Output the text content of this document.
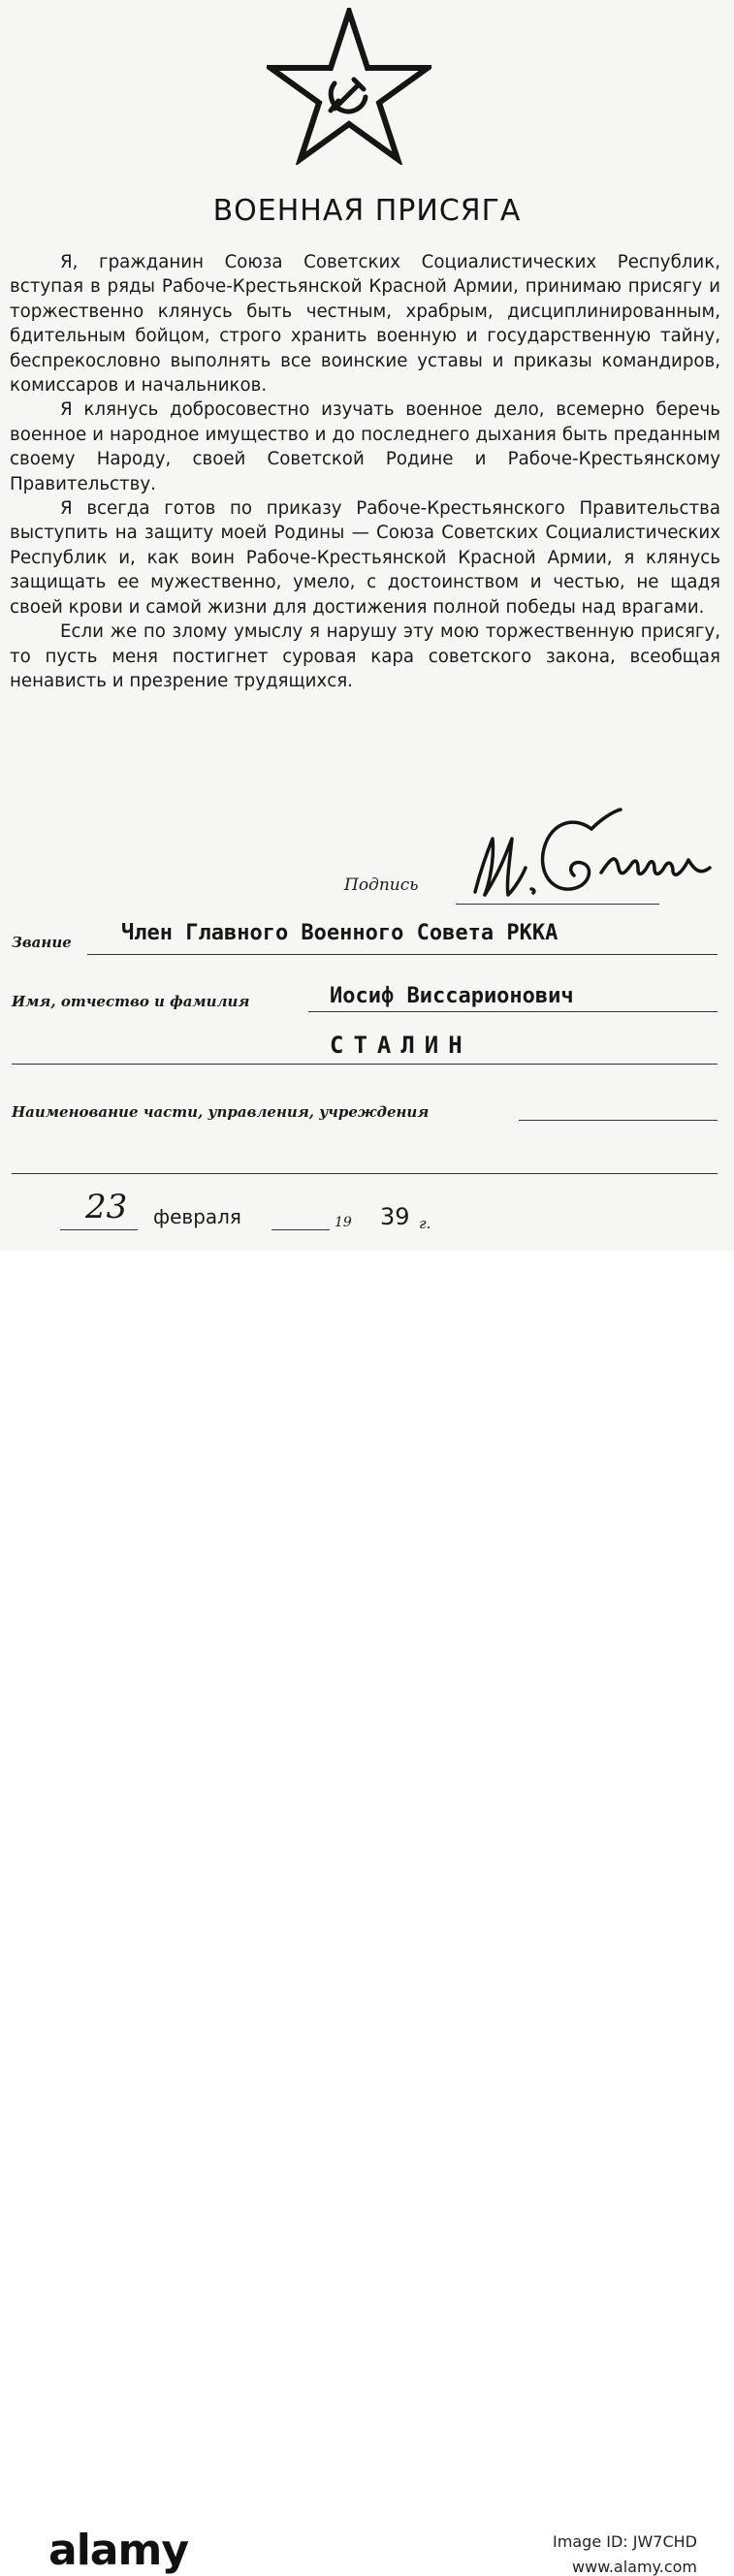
ВОЕННАЯ ПРИСЯГА

Я, гражданин Союза Советских Социалистических Республик, вступая в ряды Рабоче-Крестьянской Красной Армии, принимаю присягу и торжественно клянусь быть честным, храбрым, дисциплинированным, бдительным бойцом, строго хранить военную и государственную тайну, беспрекословно выполнять все воинские уставы и приказы командиров, комиссаров и начальников.

Я клянусь добросовестно изучать военное дело, всемерно беречь военное и народное имущество и до последнего дыхания быть преданным своему Народу, своей Советской Родине и Рабоче-Крестьянскому Правительству.

Я всегда готов по приказу Рабоче-Крестьянского Правительства выступить на защиту моей Родины — Союза Советских Социалистических Республик и, как воин Рабоче-Крестьянской Красной Армии, я клянусь защищать ее мужественно, умело, с достоинством и честью, не щадя своей крови и самой жизни для достижения полной победы над врагами.

Если же по злому умыслу я нарушу эту мою торжественную присягу, то пусть меня постигнет суровая кара советского закона, всеобщая ненависть и презрение трудящихся.

Подпись
Звание Член Главного Военного Совета РККА
Имя, отчество и фамилия	Иосиф Виссарионович
СТАЛИН
Наименование части, управления, учреждения
23 февраля	19 39 г.
alamy	Image ID: JW7CHD
www.alamy.com
